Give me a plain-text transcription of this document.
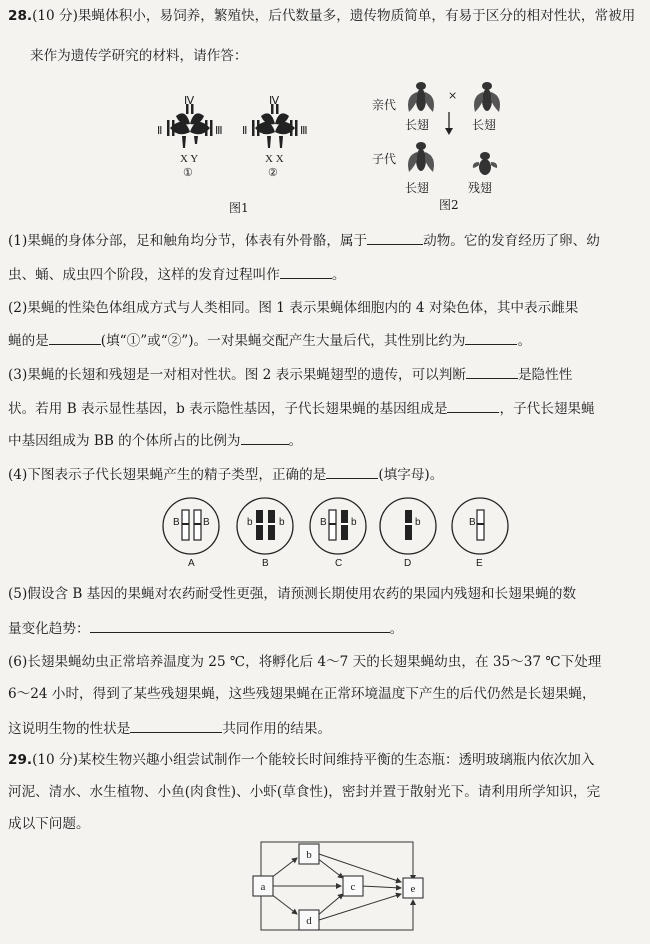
28.(10 分)果蝇体积小，易饲养，繁殖快，后代数量多，遗传物质简单，有易于区分的相对性状，常被用
来作为遗传学研究的材料，请作答：
Ⅳ
Ⅱ	Ⅲ
X Y
①
Ⅳ
Ⅱ	Ⅲ
X X
②
图1
亲代
×
长翅	长翅
子代
长翅	残翅
图2
(1)果蝇的身体分部，足和触角均分节，体表有外骨骼，属于	动物。它的发育经历了卵、幼
虫、蛹、成虫四个阶段，这样的发育过程叫作	。
(2)果蝇的性染色体组成方式与人类相同。图 1 表示果蝇体细胞内的 4 对染色体，其中表示雌果
蝇的是	(填“①”或“②”)。一对果蝇交配产生大量后代，其性别比约为	。
(3)果蝇的长翅和残翅是一对相对性状。图 2 表示果蝇翅型的遗传，可以判断	是隐性性
状。若用 B 表示显性基因，b 表示隐性基因，子代长翅果蝇的基因组成是	，子代长翅果蝇
中基因组成为 BB 的个体所占的比例为	。
(4)下图表示子代长翅果蝇产生的精子类型，正确的是	(填字母)。
B B
A
b	b
B
B b
C
b
D
B
E
(5)假设含 B 基因的果蝇对农药耐受性更强，请预测长期使用农药的果园内残翅和长翅果蝇的数
量变化趋势：	。
(6)长翅果蝇幼虫正常培养温度为 25 ℃，将孵化后 4～7 天的长翅果蝇幼虫，在 35～37 ℃下处理
6～24 小时，得到了某些残翅果蝇，这些残翅果蝇在正常环境温度下产生的后代仍然是长翅果蝇，
这说明生物的性状是	共同作用的结果。
29.(10 分)某校生物兴趣小组尝试制作一个能较长时间维持平衡的生态瓶：透明玻璃瓶内依次加入
河泥、清水、水生植物、小鱼(肉食性)、小虾(草食性)，密封并置于散射光下。请利用所学知识，完
成以下问题。
a
b
c
d
e
